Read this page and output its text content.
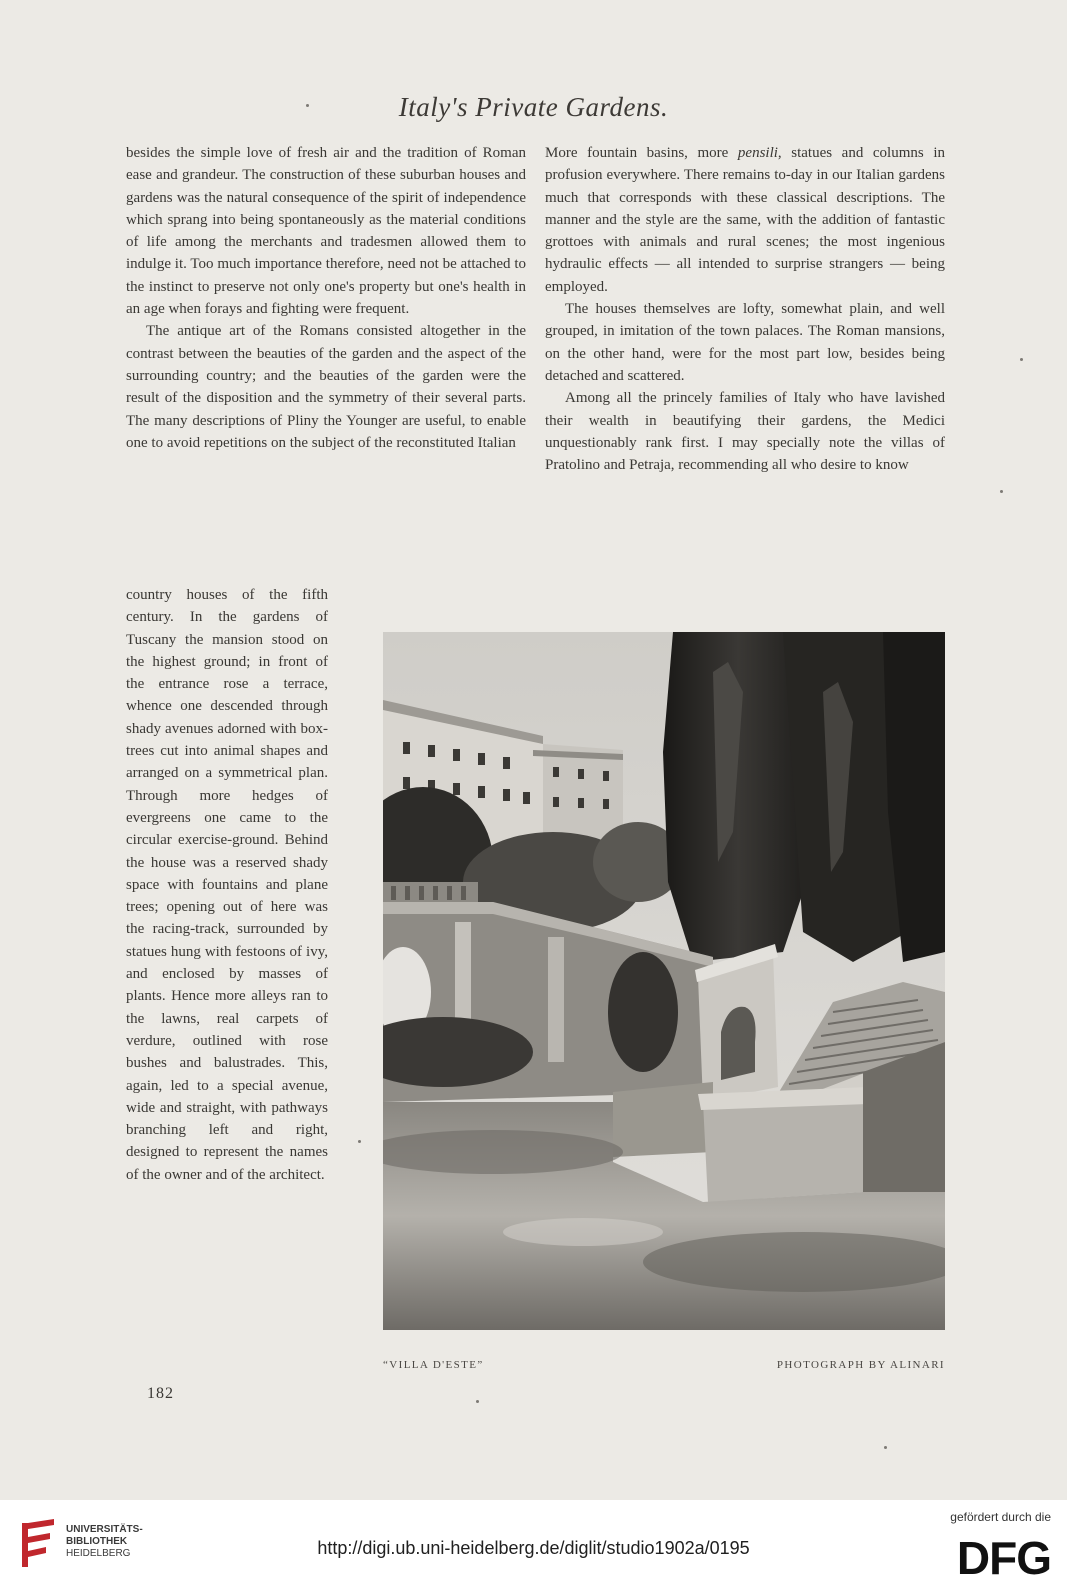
Italy's Private Gardens.

besides the simple love of fresh air and the tradition of Roman ease and grandeur. The construction of these suburban houses and gardens was the natural consequence of the spirit of independence which sprang into being spontaneously as the material conditions of life among the merchants and tradesmen allowed them to indulge it. Too much importance therefore, need not be attached to the instinct to preserve not only one's property but one's health in an age when forays and fighting were frequent.

The antique art of the Romans consisted altogether in the contrast between the beauties of the garden and the aspect of the surrounding country; and the beauties of the garden were the result of the disposition and the symmetry of their several parts. The many descriptions of Pliny the Younger are useful, to enable one to avoid repetitions on the subject of the reconstituted Italian

country houses of the fifth century. In the gardens of Tuscany the mansion stood on the highest ground; in front of the entrance rose a terrace, whence one descended through shady avenues adorned with box-trees cut into animal shapes and arranged on a symmetrical plan. Through more hedges of evergreens one came to the circular exercise-ground. Behind the house was a reserved shady space with fountains and plane trees; opening out of here was the racing-track, surrounded by statues hung with festoons of ivy, and enclosed by masses of plants. Hence more alleys ran to the lawns, real carpets of verdure, outlined with rose bushes and balustrades. This, again, led to a special avenue, wide and straight, with pathways branching left and right, designed to represent the names of the owner and of the architect.

More fountain basins, more pensili, statues and columns in profusion everywhere. There remains to-day in our Italian gardens much that corresponds with these classical descriptions. The manner and the style are the same, with the addition of fantastic grottoes with animals and rural scenes; the most ingenious hydraulic effects — all intended to surprise strangers — being employed.

The houses themselves are lofty, somewhat plain, and well grouped, in imitation of the town palaces. The Roman mansions, on the other hand, were for the most part low, besides being detached and scattered.

Among all the princely families of Italy who have lavished their wealth in beautifying their gardens, the Medici unquestionably rank first. I may specially note the villas of Pratolino and Petraja, recommending all who desire to know

“VILLA D'ESTE”	PHOTOGRAPH BY ALINARI
182
UNIVERSITÄTS-
BIBLIOTHEK
HEIDELBERG	http://digi.ub.uni-heidelberg.de/diglit/studio1902a/0195
gefördert durch die
DFG
